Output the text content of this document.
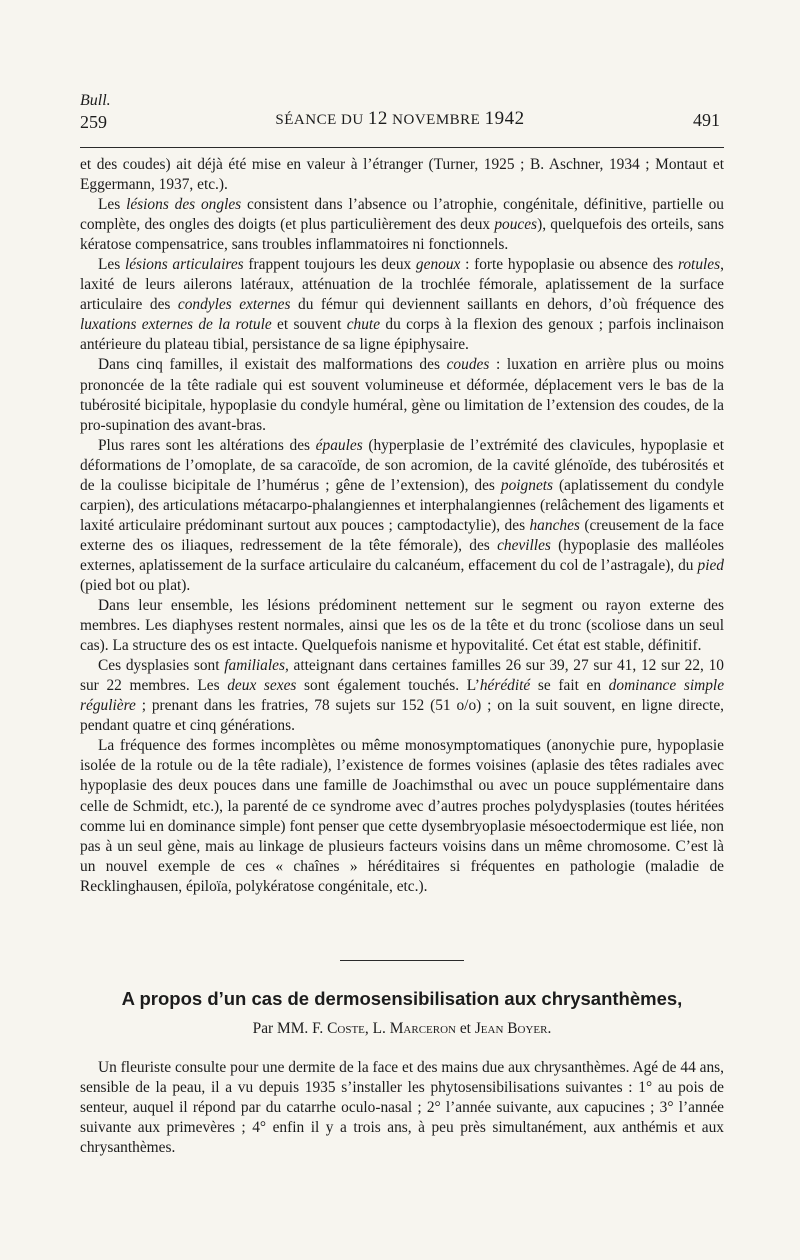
Bull.
259	SÉANCE DU 12 NOVEMBRE 1942	491

et des coudes) ait déjà été mise en valeur à l’étranger (Turner, 1925 ; B. Aschner, 1934 ; Montaut et Eggermann, 1937, etc.).

Les lésions des ongles consistent dans l’absence ou l’atrophie, congénitale, définitive, partielle ou complète, des ongles des doigts (et plus particulièrement des deux pouces), quelquefois des orteils, sans kératose compensatrice, sans troubles inflammatoires ni fonctionnels.

Les lésions articulaires frappent toujours les deux genoux : forte hypoplasie ou absence des rotules, laxité de leurs ailerons latéraux, atténuation de la trochlée fémorale, aplatissement de la surface articulaire des condyles externes du fémur qui deviennent saillants en dehors, d’où fréquence des luxations externes de la rotule et souvent chute du corps à la flexion des genoux ; parfois inclinaison antérieure du plateau tibial, persistance de sa ligne épiphysaire.

Dans cinq familles, il existait des malformations des coudes : luxation en arrière plus ou moins prononcée de la tête radiale qui est souvent volumineuse et déformée, déplacement vers le bas de la tubérosité bicipitale, hypoplasie du condyle huméral, gène ou limitation de l’extension des coudes, de la pro-supination des avant-bras.

Plus rares sont les altérations des épaules (hyperplasie de l’extrémité des clavicules, hypoplasie et déformations de l’omoplate, de sa caracoïde, de son acromion, de la cavité glénoïde, des tubérosités et de la coulisse bicipitale de l’humérus ; gêne de l’extension), des poignets (aplatissement du condyle carpien), des articulations métacarpo-phalangiennes et interphalangiennes (relâchement des ligaments et laxité articulaire prédominant surtout aux pouces ; camptodactylie), des hanches (creusement de la face externe des os iliaques, redressement de la tête fémorale), des chevilles (hypoplasie des malléoles externes, aplatissement de la surface articulaire du calcanéum, effacement du col de l’astragale), du pied (pied bot ou plat).

Dans leur ensemble, les lésions prédominent nettement sur le segment ou rayon externe des membres. Les diaphyses restent normales, ainsi que les os de la tête et du tronc (scoliose dans un seul cas). La structure des os est intacte. Quelquefois nanisme et hypovitalité. Cet état est stable, définitif.

Ces dysplasies sont familiales, atteignant dans certaines familles 26 sur 39, 27 sur 41, 12 sur 22, 10 sur 22 membres. Les deux sexes sont également touchés. L’hérédité se fait en dominance simple régulière ; prenant dans les fratries, 78 sujets sur 152 (51 o/o) ; on la suit souvent, en ligne directe, pendant quatre et cinq générations.

La fréquence des formes incomplètes ou même monosymptomatiques (anonychie pure, hypoplasie isolée de la rotule ou de la tête radiale), l’existence de formes voisines (aplasie des têtes radiales avec hypoplasie des deux pouces dans une famille de Joachimsthal ou avec un pouce supplémentaire dans celle de Schmidt, etc.), la parenté de ce syndrome avec d’autres proches polydysplasies (toutes héritées comme lui en dominance simple) font penser que cette dysembryoplasie mésoectodermique est liée, non pas à un seul gène, mais au linkage de plusieurs facteurs voisins dans un même chromosome. C’est là un nouvel exemple de ces « chaînes » héréditaires si fréquentes en pathologie (maladie de Recklinghausen, épiloïa, polykératose congénitale, etc.).

A propos d’un cas de dermosensibilisation aux chrysanthèmes,
Par MM. F. Coste, L. Marceron et Jean Boyer.

Un fleuriste consulte pour une dermite de la face et des mains due aux chrysanthèmes. Agé de 44 ans, sensible de la peau, il a vu depuis 1935 s’installer les phytosensibilisations suivantes : 1° au pois de senteur, auquel il répond par du catarrhe oculo-nasal ; 2° l’année suivante, aux capucines ; 3° l’année suivante aux primevères ; 4° enfin il y a trois ans, à peu près simultanément, aux anthémis et aux chrysanthèmes.
